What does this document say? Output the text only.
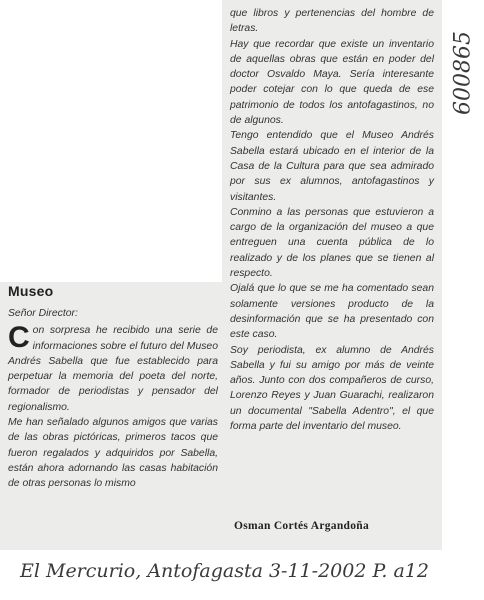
Museo

Señor Director:

Con sorpresa he recibido una serie de informaciones sobre el futuro del Museo Andrés Sabella que fue establecido para perpetuar la memoria del poeta del norte, formador de periodistas y pensador del regionalismo.

Me han señalado algunos amigos que varias de las obras pictóricas, primeros tacos que fueron regalados y adquiridos por Sabella, están ahora adornando las casas habitación de otras personas lo mismo

que libros y pertenencias del hombre de letras.

Hay que recordar que existe un inventario de aquellas obras que están en poder del doctor Osvaldo Maya. Sería interesante poder cotejar con lo que queda de ese patrimonio de todos los antofagastinos, no de algunos.

Tengo entendido que el Museo Andrés Sabella estará ubicado en el interior de la Casa de la Cultura para que sea admirado por sus ex alumnos, antofagastinos y visitantes.

Conmino a las personas que estuvieron a cargo de la organización del museo a que entreguen una cuenta pública de lo realizado y de los planes que se tienen al respecto.

Ojalá que lo que se me ha comentado sean solamente versiones producto de la desinformación que se ha presentado con este caso.

Soy periodista, ex alumno de Andrés Sabella y fui su amigo por más de veinte años. Junto con dos compañeros de curso, Lorenzo Reyes y Juan Guarachi, realizaron un documental "Sabella Adentro", el que forma parte del inventario del museo.

Osman Cortés Argandoña

El Mercurio, Antofagasta 3-11-2002 P. a12

600865
